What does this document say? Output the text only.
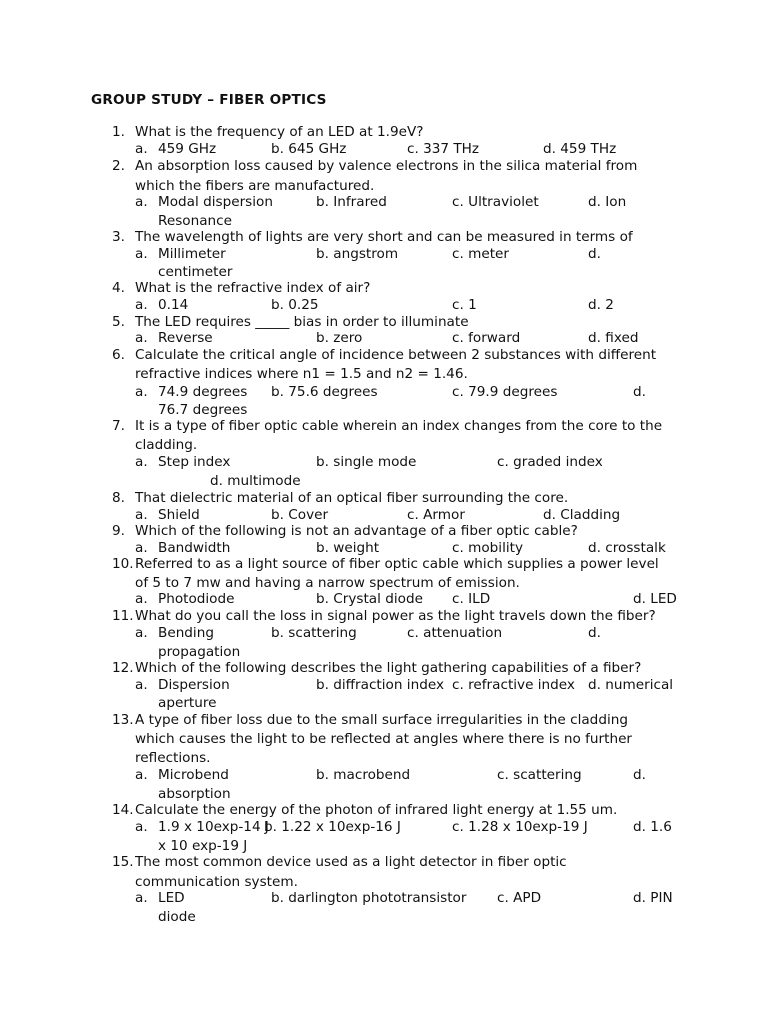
GROUP STUDY – FIBER OPTICS
1. What is the frequency of an LED at 1.9eV?
a. 459 GHz	b. 645 GHz	c. 337 THz	d. 459 THz
2. An absorption loss caused by valence electrons in the silica material from
which the fibers are manufactured.
a. Modal dispersion	b. Infrared	c. Ultraviolet	d. Ion
Resonance
3. The wavelength of lights are very short and can be measured in terms of
a. Millimeter	b. angstrom	c. meter	d.
centimeter
4. What is the refractive index of air?
a. 0.14	b. 0.25	c. 1	d. 2
5. The LED requires _____ bias in order to illuminate
a. Reverse	b. zero	c. forward	d. fixed
6. Calculate the critical angle of incidence between 2 substances with different
refractive indices where n1 = 1.5 and n2 = 1.46.
a. 74.9 degrees b. 75.6 degrees	c. 79.9 degrees	d.
76.7 degrees
7. It is a type of fiber optic cable wherein an index changes from the core to the
cladding.
a. Step index	b. single mode	c. graded index
d. multimode
8. That dielectric material of an optical fiber surrounding the core.
a. Shield	b. Cover	c. Armor	d. Cladding
9. Which of the following is not an advantage of a fiber optic cable?
a. Bandwidth	b. weight	c. mobility	d. crosstalk
10. Referred to as a light source of fiber optic cable which supplies a power level
of 5 to 7 mw and having a narrow spectrum of emission.
a. Photodiode	b. Crystal diode c. ILD	d. LED
11. What do you call the loss in signal power as the light travels down the fiber?
a. Bending	b. scattering	c. attenuation	d.
propagation
12. Which of the following describes the light gathering capabilities of a fiber?
a. Dispersion	b. diffraction index c. refractive index d. numerical
aperture
13. A type of fiber loss due to the small surface irregularities in the cladding
which causes the light to be reflected at angles where there is no further
reflections.
a. Microbend	b. macrobend	c. scattering	d.
absorption
14. Calculate the energy of the photon of infrared light energy at 1.55 um.
a. 1.9 x 10exp-14 J
b. 1.22 x 10exp-16 J	c. 1.28 x 10exp-19 J	d. 1.6
x 10 exp-19 J
15. The most common device used as a light detector in fiber optic
communication system.
a. LED	b. darlington phototransistor c. APD	d. PIN
diode
